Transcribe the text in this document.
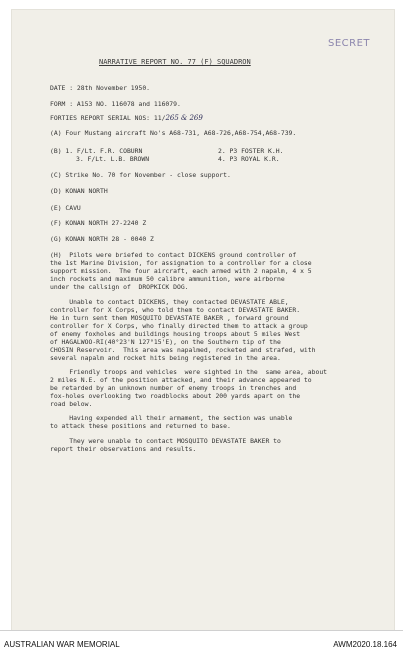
SECRET
NARRATIVE REPORT NO. 77 (F) SQUADRON
DATE : 28th November 1950.
FORM : A153 NO. 116078 and 116079.
FORTIES REPORT SERIAL NOS: 11/265 & 269
(A) Four Mustang aircraft No's A68-731, A68-726,A68-754,A68-739.
(B) 1. F/Lt. F.R. COBURN	2. P3 FOSTER K.H.
3. F/Lt. L.B. BROWN	4. P3 ROYAL K.R.
(C) Strike No. 70 for November - close support.
(D) KONAN NORTH
(E) CAVU
(F) KONAN NORTH 27-2240 Z
(G) KONAN NORTH 28 - 0040 Z
(H)  Pilots were briefed to contact DICKENS ground controller of
the 1st Marine Division, for assignation to a controller for a close
support mission.  The four aircraft, each armed with 2 napalm, 4 x 5
inch rockets and maximum 50 calibre ammunition, were airborne
under the callsign of  DROPKICK DOG.
Unable to contact DICKENS, they contacted DEVASTATE ABLE,
controller for X Corps, who told them to contact DEVASTATE BAKER.
He in turn sent them MOSQUITO DEVASTATE BAKER , forward ground
controller for X Corps, who finally directed them to attack a group
of enemy foxholes and buildings housing troops about 5 miles West
of HAGALWOO-RI(40°23'N 127°15'E), on the Southern tip of the
CHOSIN Reservoir.  This area was napalmed, rocketed and strafed, with
several napalm and rocket hits being registered in the area.
Friendly troops and vehicles  were sighted in the  same area, about
2 miles N.E. of the position attacked, and their advance appeared to
be retarded by an unknown number of enemy troops in trenches and
fox-holes overlooking two roadblocks about 200 yards apart on the
road below.
Having expended all their armament, the section was unable
to attack these positions and returned to base.
They were unable to contact MOSQUITO DEVASTATE BAKER to
report their observations and results.
AUSTRALIAN WAR MEMORIAL	AWM2020.18.164
